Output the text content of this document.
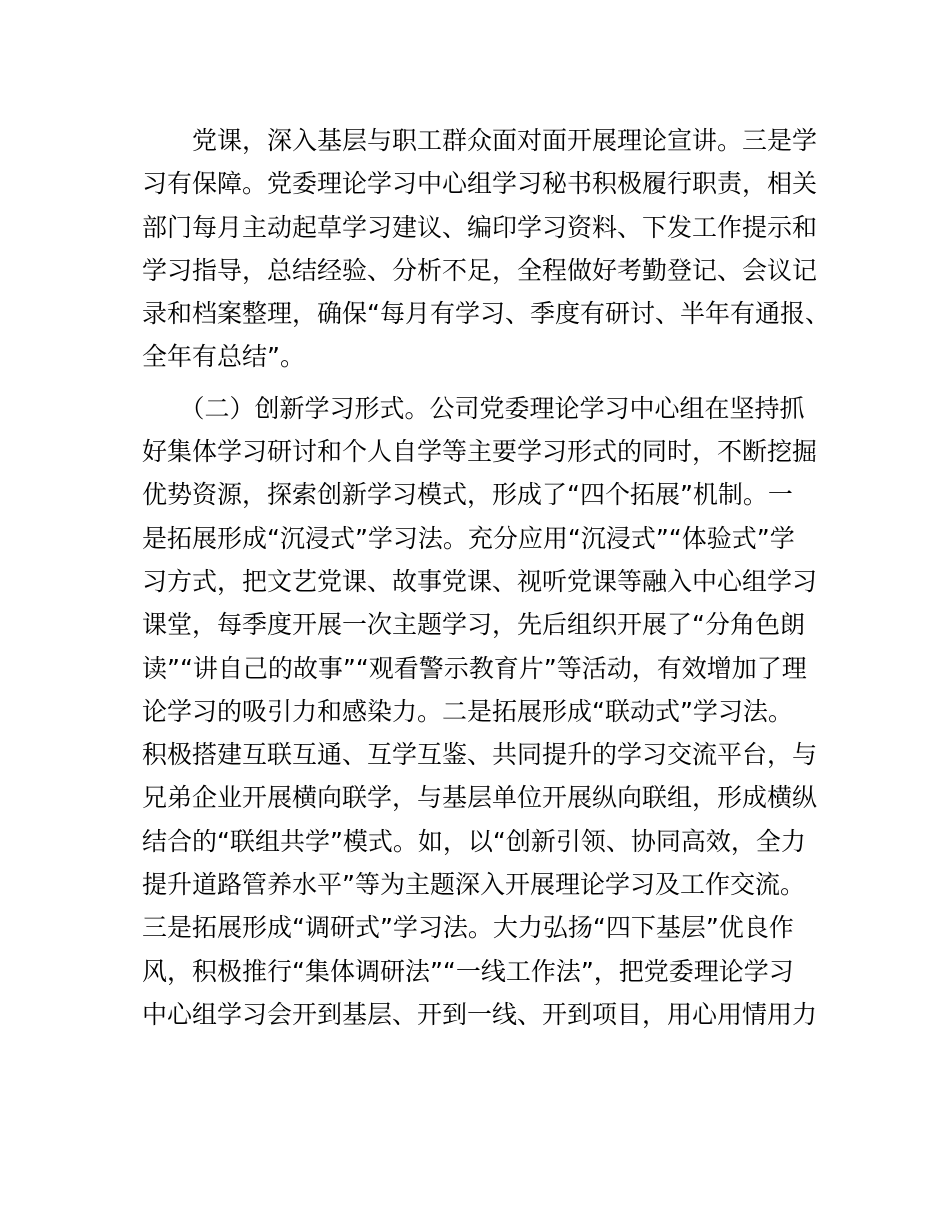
　　党课，深入基层与职工群众面对面开展理论宣讲。三是学
习有保障。党委理论学习中心组学习秘书积极履行职责，相关
部门每月主动起草学习建议、编印学习资料、下发工作提示和
学习指导，总结经验、分析不足，全程做好考勤登记、会议记
录和档案整理，确保“每月有学习、季度有研讨、半年有通报、
全年有总结”。
　　（二）创新学习形式。公司党委理论学习中心组在坚持抓
好集体学习研讨和个人自学等主要学习形式的同时，不断挖掘
优势资源，探索创新学习模式，形成了“四个拓展”机制。一
是拓展形成“沉浸式”学习法。充分应用“沉浸式”“体验式”学
习方式，把文艺党课、故事党课、视听党课等融入中心组学习
课堂，每季度开展一次主题学习，先后组织开展了“分角色朗
读”“讲自己的故事”“观看警示教育片”等活动，有效增加了理
论学习的吸引力和感染力。二是拓展形成“联动式”学习法。
积极搭建互联互通、互学互鉴、共同提升的学习交流平台，与
兄弟企业开展横向联学，与基层单位开展纵向联组，形成横纵
结合的“联组共学”模式。如，以“创新引领、协同高效，全力
提升道路管养水平”等为主题深入开展理论学习及工作交流。
三是拓展形成“调研式”学习法。大力弘扬“四下基层”优良作
风，积极推行“集体调研法”“一线工作法”，把党委理论学习
中心组学习会开到基层、开到一线、开到项目，用心用情用力
